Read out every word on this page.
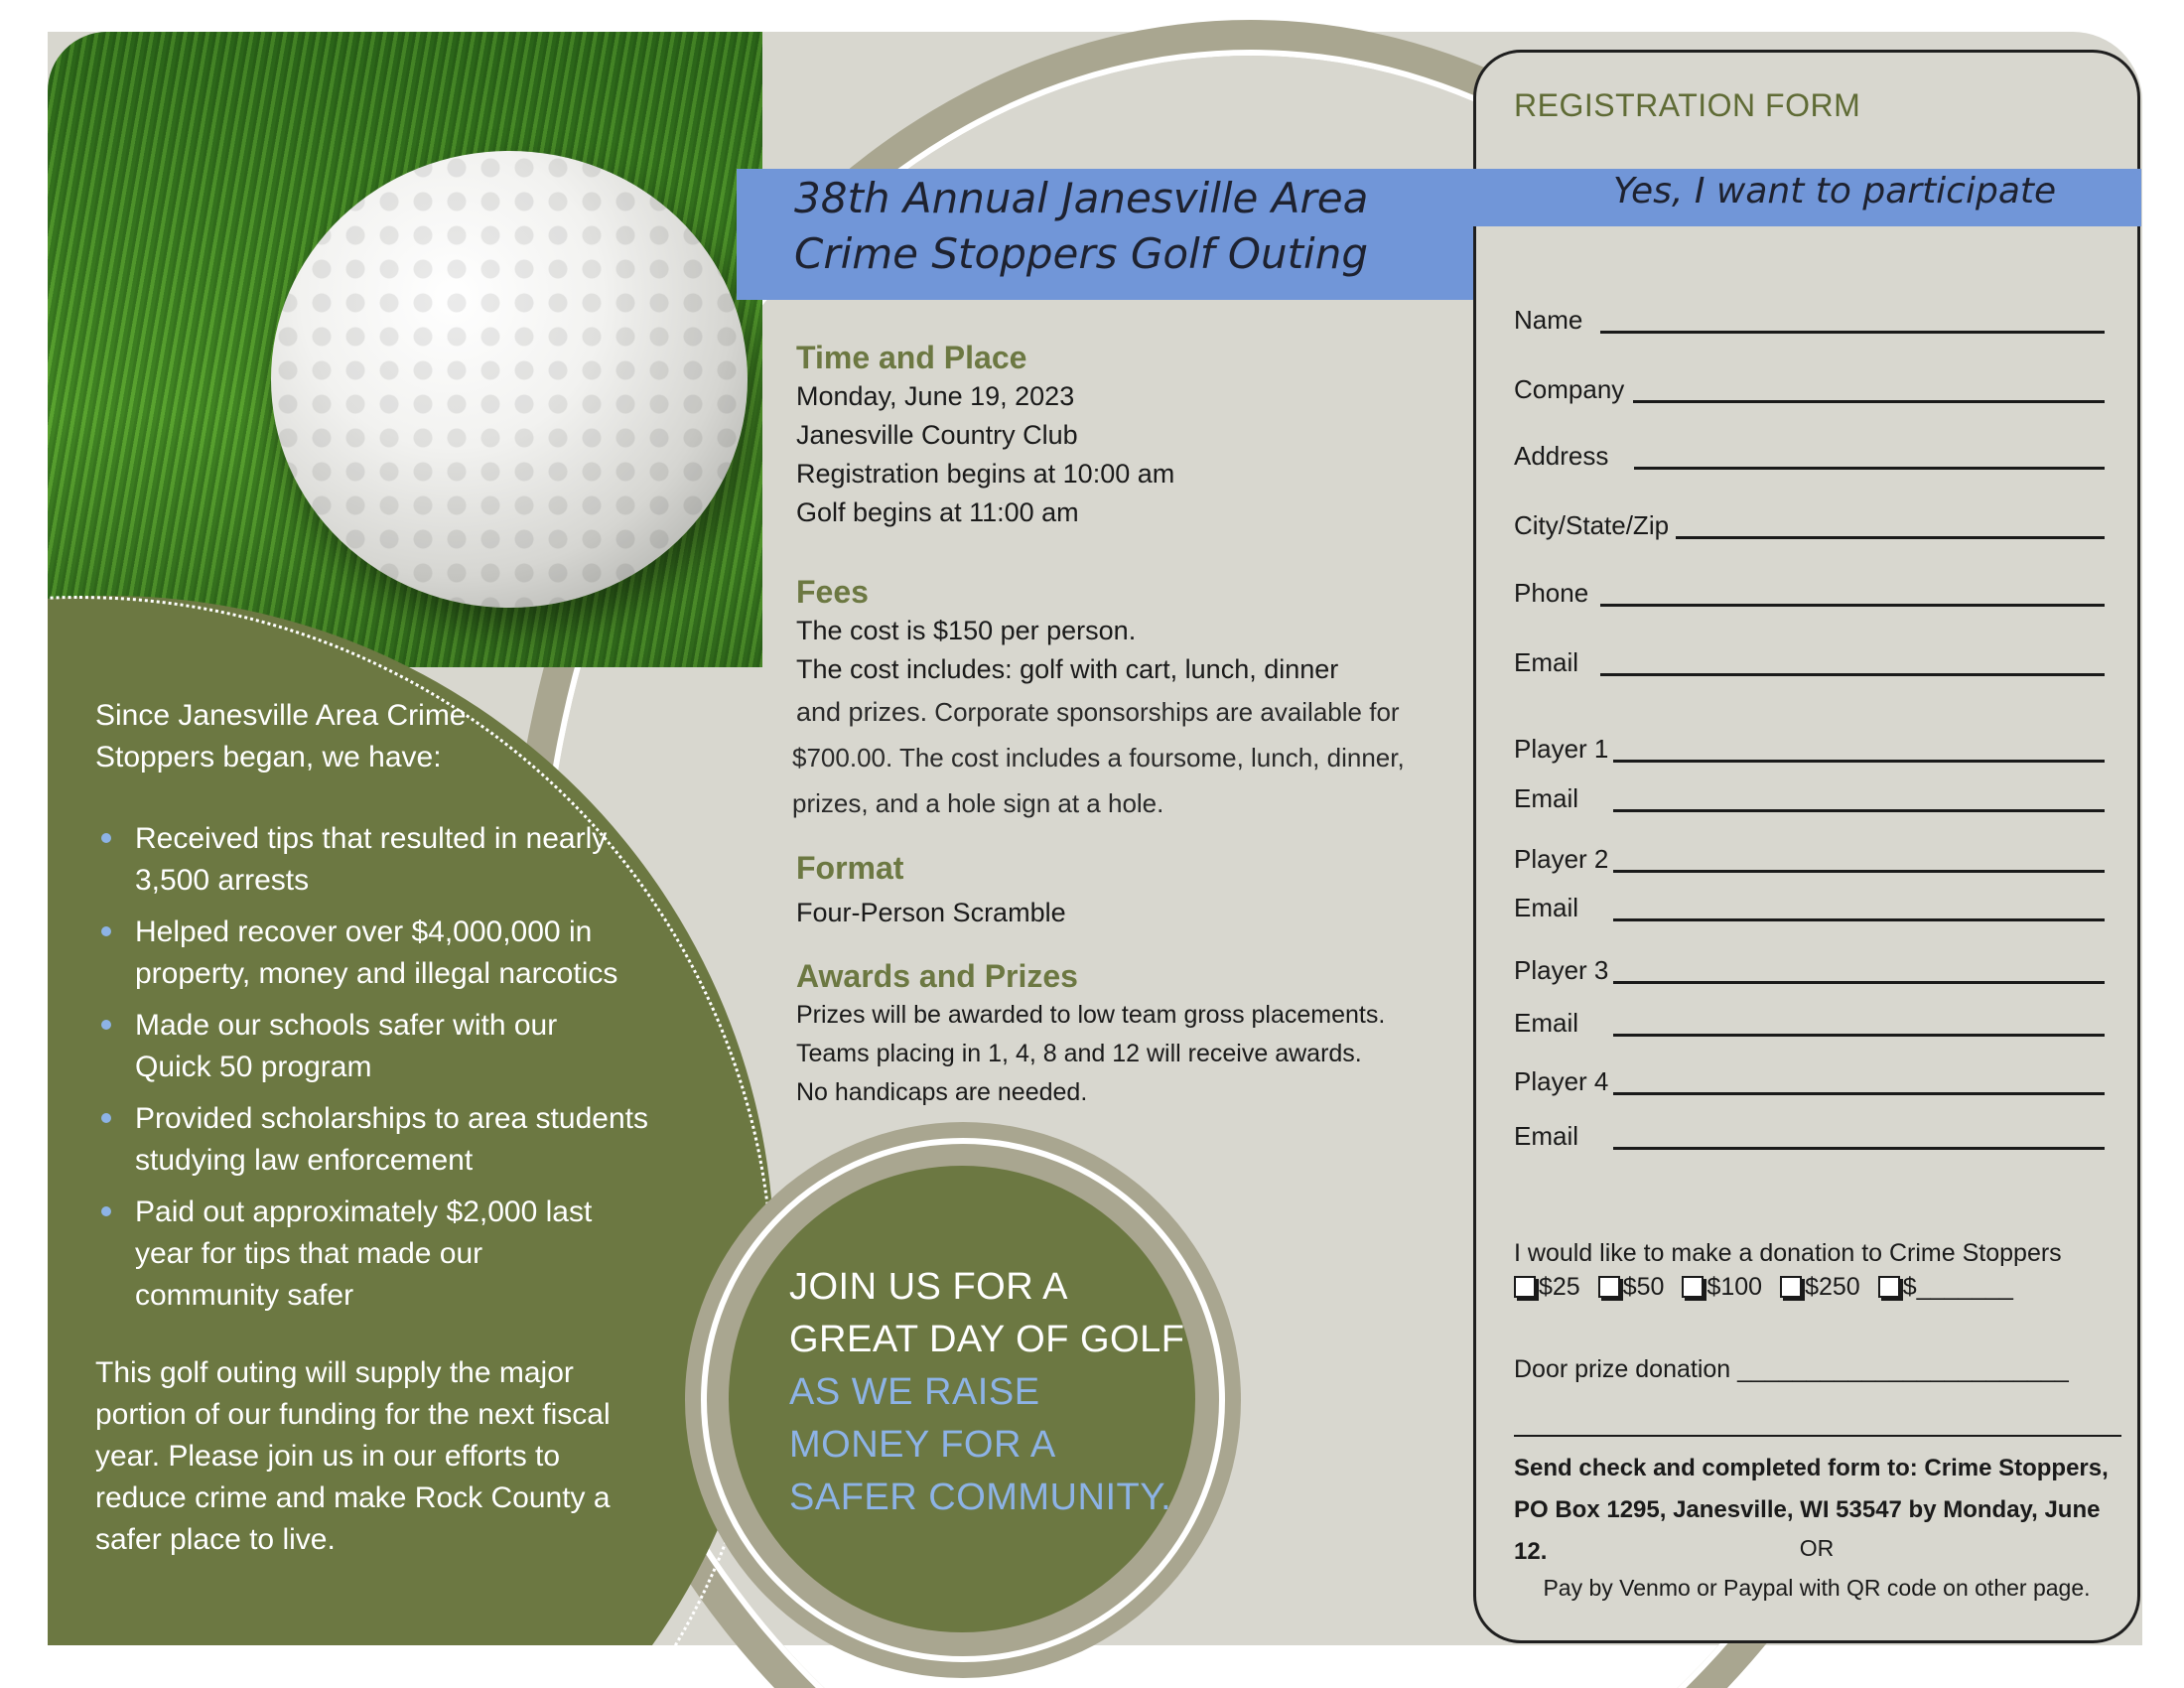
Since Janesville Area Crime Stoppers began, we have:
Received tips that resulted in nearly 3,500 arrests
Helped recover over $4,000,000 in property, money and illegal narcotics
Made our schools safer with our Quick 50 program
Provided scholarships to area students studying law enforcement
Paid out approximately $2,000 last year for tips that made our community safer
This golf outing will supply the major portion of our funding for the next fiscal year. Please join us in our efforts to reduce crime and make Rock County a safer place to live.
JOIN US FOR A
GREAT DAY OF GOLF
AS WE RAISE
MONEY FOR A
SAFER COMMUNITY.
38th Annual Janesville Area
Crime Stoppers Golf Outing

Time and Place

Monday, June 19, 2023

Janesville Country Club

Registration begins at 10:00 am

Golf begins at 11:00 am

Fees

The cost is $150 per person.

The cost includes: golf with cart, lunch, dinner

and prizes. Corporate sponsorships are available for

$700.00. The cost includes a foursome, lunch, dinner,

prizes, and a hole sign at a hole.

Format

Four-Person Scramble

Awards and Prizes

Prizes will be awarded to low team gross placements.

Teams placing in 1, 4, 8 and 12 will receive awards.

No handicaps are needed.

REGISTRATION FORM
Yes, I want to participate
Name
Company
Address
City/State/Zip
Phone
Email
Player 1
Email
Player 2
Email
Player 3
Email
Player 4
Email
I would like to make a donation to Crime Stoppers
$25 $50 $100 $250 $_______
Door prize donation ________________________
Send check and completed form to: Crime Stoppers,
PO Box 1295, Janesville, WI 53547 by Monday, June 12.	OR
Pay by Venmo or Paypal with QR code on other page.
